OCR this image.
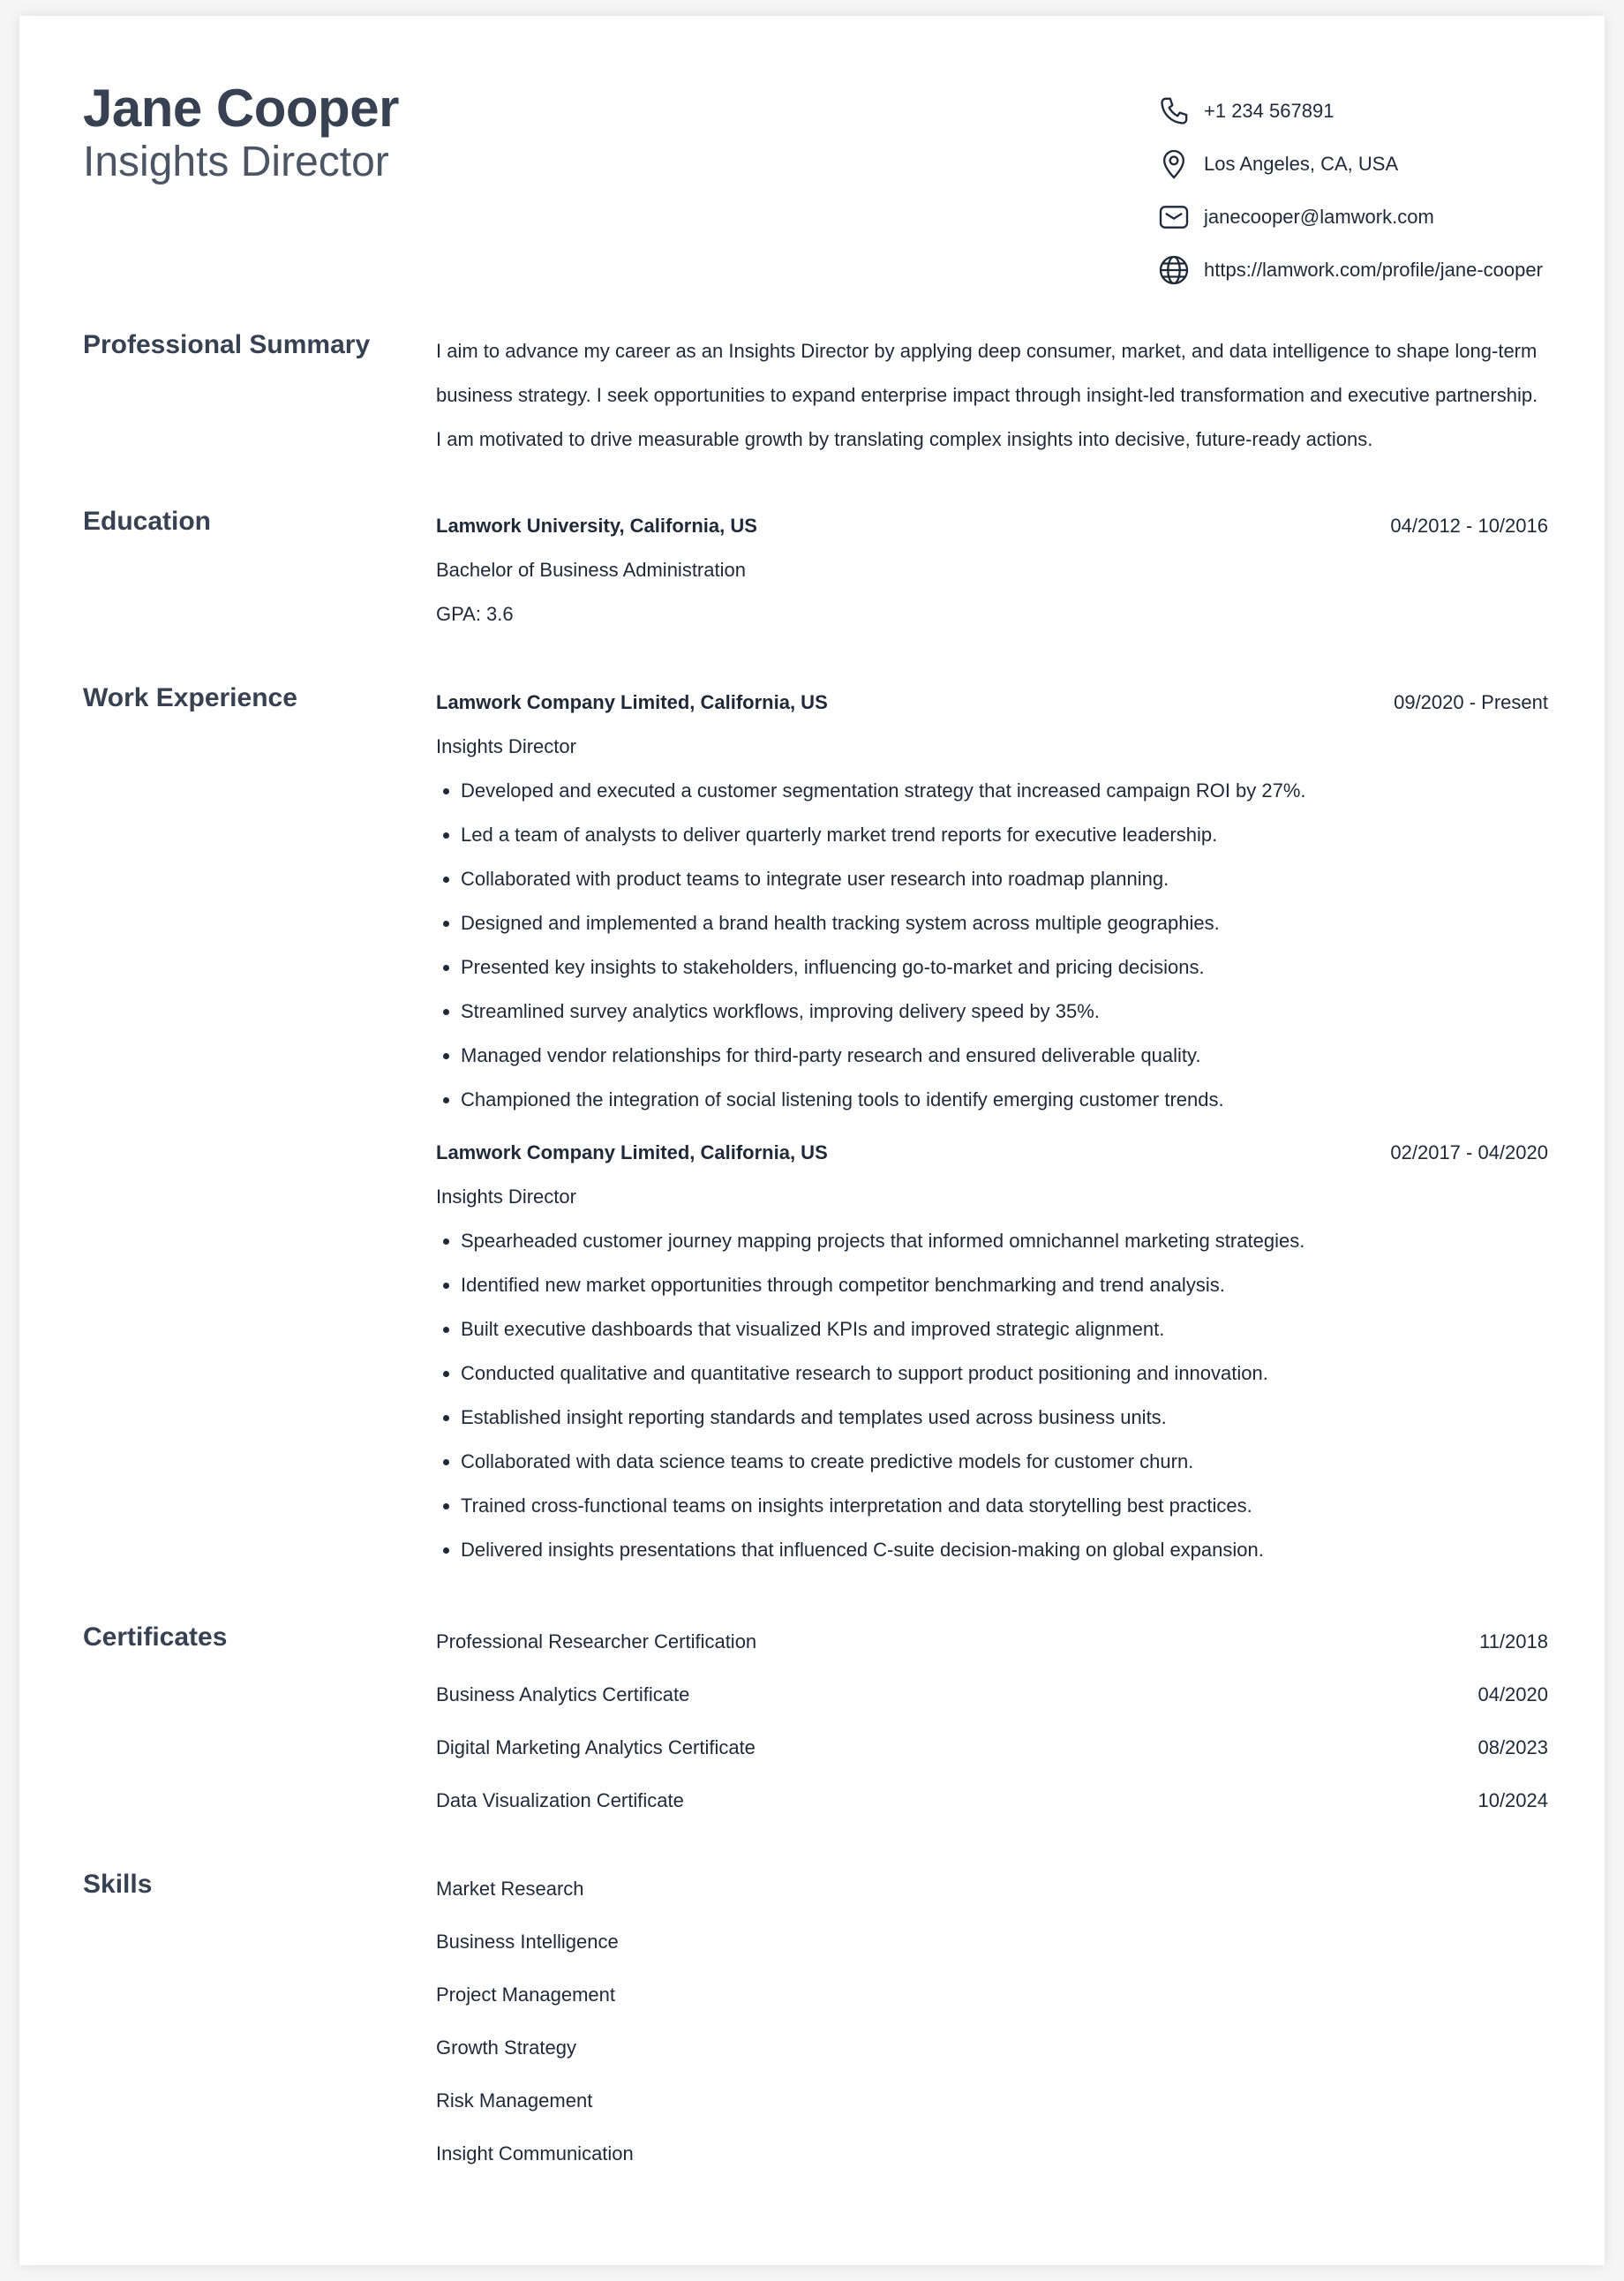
Jane Cooper
Insights Director
+1 234 567891
Los Angeles, CA, USA
janecooper@lamwork.com
https://lamwork.com/profile/jane-cooper
Professional Summary	I aim to advance my career as an Insights Director by applying deep consumer, market, and data intelligence to shape long-term business strategy. I seek opportunities to expand enterprise impact through insight-led transformation and executive partnership. I am motivated to drive measurable growth by translating complex insights into decisive, future-ready actions.
Education	Lamwork University, California, US	04/2012 - 10/2016
Bachelor of Business Administration
GPA: 3.6
Work Experience	Lamwork Company Limited, California, US	09/2020 - Present
Insights Director
• Developed and executed a customer segmentation strategy that increased campaign ROI by 27%.
• Led a team of analysts to deliver quarterly market trend reports for executive leadership.
• Collaborated with product teams to integrate user research into roadmap planning.
• Designed and implemented a brand health tracking system across multiple geographies.
• Presented key insights to stakeholders, influencing go-to-market and pricing decisions.
• Streamlined survey analytics workflows, improving delivery speed by 35%.
• Managed vendor relationships for third-party research and ensured deliverable quality.
• Championed the integration of social listening tools to identify emerging customer trends.
Lamwork Company Limited, California, US	02/2017 - 04/2020
Insights Director
• Spearheaded customer journey mapping projects that informed omnichannel marketing strategies.
• Identified new market opportunities through competitor benchmarking and trend analysis.
• Built executive dashboards that visualized KPIs and improved strategic alignment.
• Conducted qualitative and quantitative research to support product positioning and innovation.
• Established insight reporting standards and templates used across business units.
• Collaborated with data science teams to create predictive models for customer churn.
• Trained cross-functional teams on insights interpretation and data storytelling best practices.
• Delivered insights presentations that influenced C-suite decision-making on global expansion.
Certificates	Professional Researcher Certification	11/2018
Business Analytics Certificate	04/2020
Digital Marketing Analytics Certificate	08/2023
Data Visualization Certificate	10/2024
Skills	Market Research
Business Intelligence
Project Management
Growth Strategy
Risk Management
Insight Communication
